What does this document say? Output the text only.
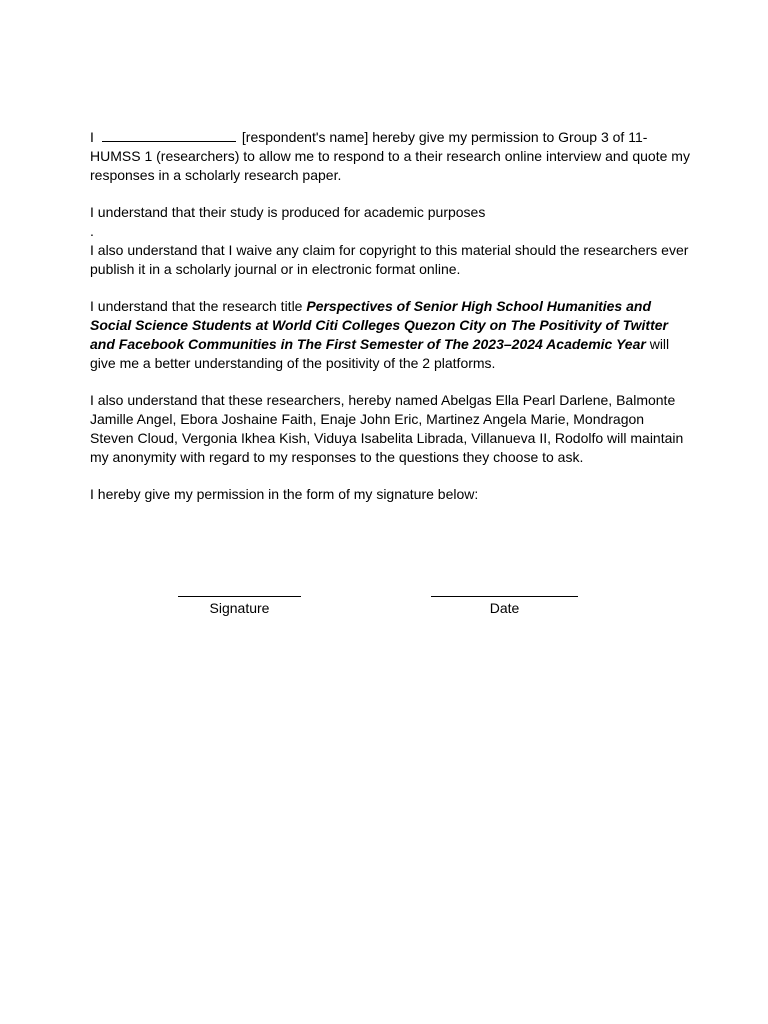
I	[respondent's name] hereby give my permission to Group 3 of 11-HUMSS 1 (researchers) to allow me to respond to a their research online interview and quote my responses in a scholarly research paper.

I understand that their study is produced for academic purposes

.

I also understand that I waive any claim for copyright to this material should the researchers ever publish it in a scholarly journal or in electronic format online.

I understand that the research title Perspectives of Senior High School Humanities and Social Science Students at World Citi Colleges Quezon City on The Positivity of Twitter and Facebook Communities in The First Semester of The 2023–2024 Academic Year will give me a better understanding of the positivity of the 2 platforms.

I also understand that these researchers, hereby named Abelgas Ella Pearl Darlene, Balmonte Jamille Angel, Ebora Joshaine Faith, Enaje John Eric, Martinez Angela Marie, Mondragon Steven Cloud, Vergonia Ikhea Kish, Viduya Isabelita Librada, Villanueva II, Rodolfo will maintain my anonymity with regard to my responses to the questions they choose to ask.

I hereby give my permission in the form of my signature below:

Signature	Date
